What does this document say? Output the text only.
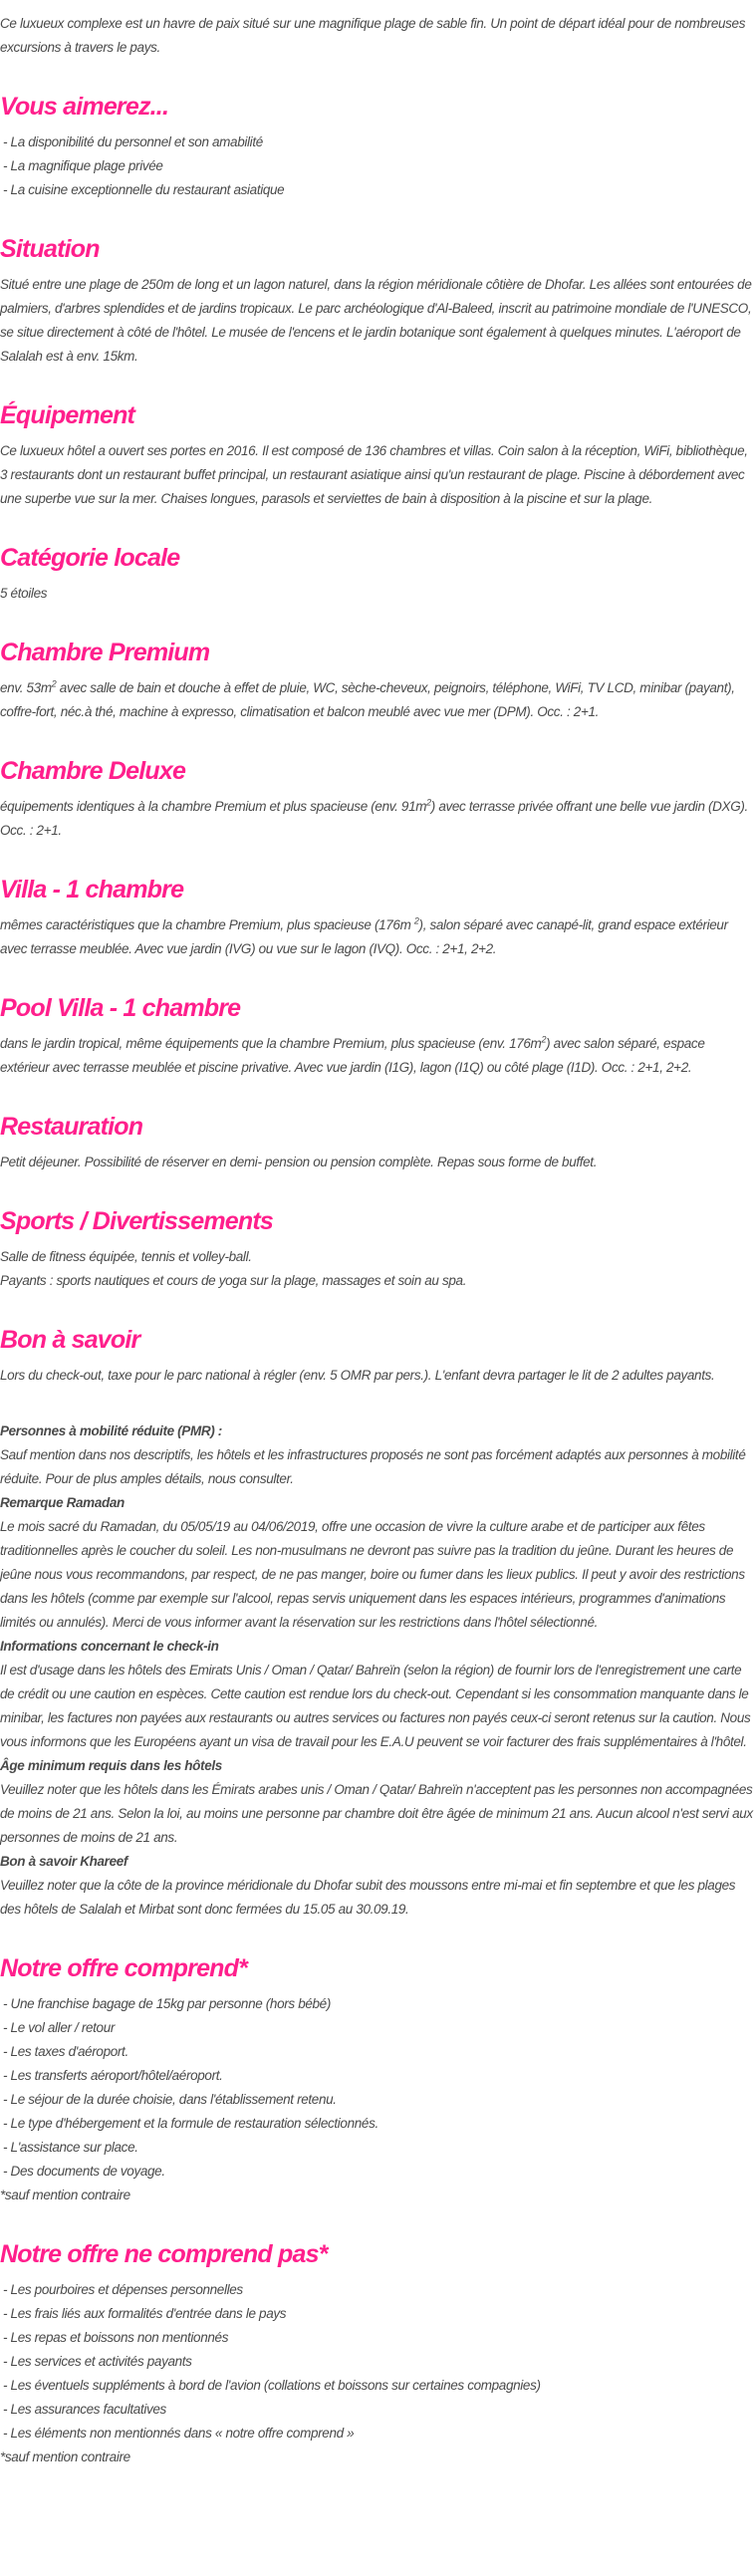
Ce luxueux complexe est un havre de paix situé sur une magnifique plage de sable fin. Un point de départ idéal pour de nombreuses excursions à travers le pays.

Vous aimerez...
- La disponibilité du personnel et son amabilité
- La magnifique plage privée
- La cuisine exceptionnelle du restaurant asiatique
Situation

Situé entre une plage de 250m de long et un lagon naturel, dans la région méridionale côtière de Dhofar. Les allées sont entourées de palmiers, d'arbres splendides et de jardins tropicaux. Le parc archéologique d'Al-Baleed, inscrit au patrimoine mondiale de l'UNESCO, se situe directement à côté de l'hôtel. Le musée de l'encens et le jardin botanique sont également à quelques minutes. L'aéroport de Salalah est à env. 15km.

Équipement

Ce luxueux hôtel a ouvert ses portes en 2016. Il est composé de 136 chambres et villas. Coin salon à la réception, WiFi, bibliothèque, 3 restaurants dont un restaurant buffet principal, un restaurant asiatique ainsi qu'un restaurant de plage. Piscine à débordement avec une superbe vue sur la mer. Chaises longues, parasols et serviettes de bain à disposition à la piscine et sur la plage.

Catégorie locale

5 étoiles

Chambre Premium

env. $53m^2$ avec salle de bain et douche à effet de pluie, WC, sèche-cheveux, peignoirs, téléphone, WiFi, TV LCD, minibar (payant), coffre-fort, néc.à thé, machine à expresso, climatisation et balcon meublé avec vue mer (DPM). Occ. : 2+1.

Chambre Deluxe

équipements identiques à la chambre Premium et plus spacieuse (env. $91m^2$) avec terrasse privée offrant une belle vue jardin (DXG). Occ. : 2+1.

Villa - 1 chambre

mêmes caractéristiques que la chambre Premium, plus spacieuse (176m $^2$), salon séparé avec canapé-lit, grand espace extérieur avec terrasse meublée. Avec vue jardin (IVG) ou vue sur le lagon (IVQ). Occ. : 2+1, 2+2.

Pool Villa - 1 chambre

dans le jardin tropical, même équipements que la chambre Premium, plus spacieuse (env. $176m^2$) avec salon séparé, espace extérieur avec terrasse meublée et piscine privative. Avec vue jardin (I1G), lagon (I1Q) ou côté plage (I1D). Occ. : 2+1, 2+2.

Restauration

Petit déjeuner. Possibilité de réserver en demi- pension ou pension complète. Repas sous forme de buffet.

Sports / Divertissements

Salle de fitness équipée, tennis et volley-ball.

Payants : sports nautiques et cours de yoga sur la plage, massages et soin au spa.

Bon à savoir

Lors du check-out, taxe pour le parc national à régler (env. 5 OMR par pers.). L'enfant devra partager le lit de 2 adultes payants.

Personnes à mobilité réduite (PMR) :

Sauf mention dans nos descriptifs, les hôtels et les infrastructures proposés ne sont pas forcément adaptés aux personnes à mobilité réduite. Pour de plus amples détails, nous consulter.

Remarque Ramadan

Le mois sacré du Ramadan, du 05/05/19 au 04/06/2019, offre une occasion de vivre la culture arabe et de participer aux fêtes traditionnelles après le coucher du soleil. Les non-musulmans ne devront pas suivre pas la tradition du jeûne. Durant les heures de jeûne nous vous recommandons, par respect, de ne pas manger, boire ou fumer dans les lieux publics. Il peut y avoir des restrictions dans les hôtels (comme par exemple sur l'alcool, repas servis uniquement dans les espaces intérieurs, programmes d'animations limités ou annulés). Merci de vous informer avant la réservation sur les restrictions dans l'hôtel sélectionné.

Informations concernant le check-in

Il est d'usage dans les hôtels des Emirats Unis / Oman / Qatar/ Bahreïn (selon la région) de fournir lors de l'enregistrement une carte de crédit ou une caution en espèces. Cette caution est rendue lors du check-out. Cependant si les consommation manquante dans le minibar, les factures non payées aux restaurants ou autres services ou factures non payés ceux-ci seront retenus sur la caution. Nous vous informons que les Européens ayant un visa de travail pour les E.A.U peuvent se voir facturer des frais supplémentaires à l'hôtel.

Âge minimum requis dans les hôtels

Veuillez noter que les hôtels dans les Émirats arabes unis / Oman / Qatar/ Bahreïn n'acceptent pas les personnes non accompagnées de moins de 21 ans. Selon la loi, au moins une personne par chambre doit être âgée de minimum 21 ans. Aucun alcool n'est servi aux personnes de moins de 21 ans.

Bon à savoir Khareef

Veuillez noter que la côte de la province méridionale du Dhofar subit des moussons entre mi-mai et fin septembre et que les plages des hôtels de Salalah et Mirbat sont donc fermées du 15.05 au 30.09.19.

Notre offre comprend*
- Une franchise bagage de 15kg par personne (hors bébé)
- Le vol aller / retour
- Les taxes d'aéroport.
- Les transferts aéroport/hôtel/aéroport.
- Le séjour de la durée choisie, dans l'établissement retenu.
- Le type d'hébergement et la formule de restauration sélectionnés.
- L'assistance sur place.
- Des documents de voyage.

*sauf mention contraire

Notre offre ne comprend pas*
- Les pourboires et dépenses personnelles
- Les frais liés aux formalités d'entrée dans le pays
- Les repas et boissons non mentionnés
- Les services et activités payants
- Les éventuels suppléments à bord de l'avion (collations et boissons sur certaines compagnies)
- Les assurances facultatives
- Les éléments non mentionnés dans « notre offre comprend »

*sauf mention contraire
